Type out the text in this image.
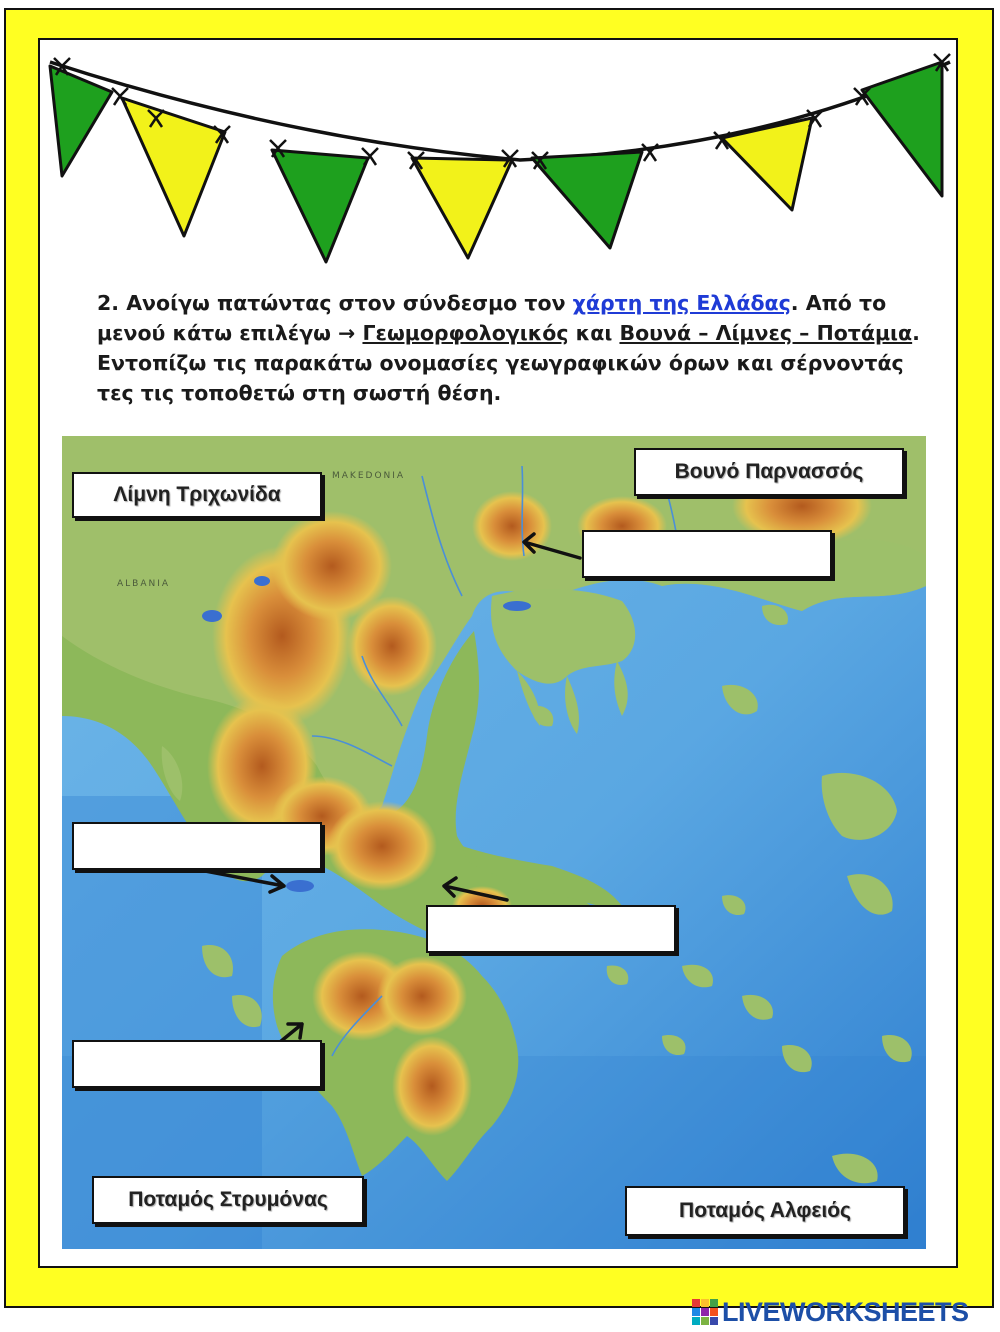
2. Ανοίγω πατώντας στον σύνδεσμο τον χάρτη της Ελλάδας. Από το μενού κάτω επιλέγω → Γεωμορφολογικός και Βουνά – Λίμνες – Ποτάμια. Εντοπίζω τις παρακάτω ονομασίες γεωγραφικών όρων και σέρνοντάς τες τις τοποθετώ στη σωστή θέση.

MAKEDONIA
ALBANIA
Λίμνη Τριχωνίδα
Βουνό Παρνασσός
Ποταμός Στρυμόνας	Ποταμός Αλφειός
LIVEWORKSHEETS
